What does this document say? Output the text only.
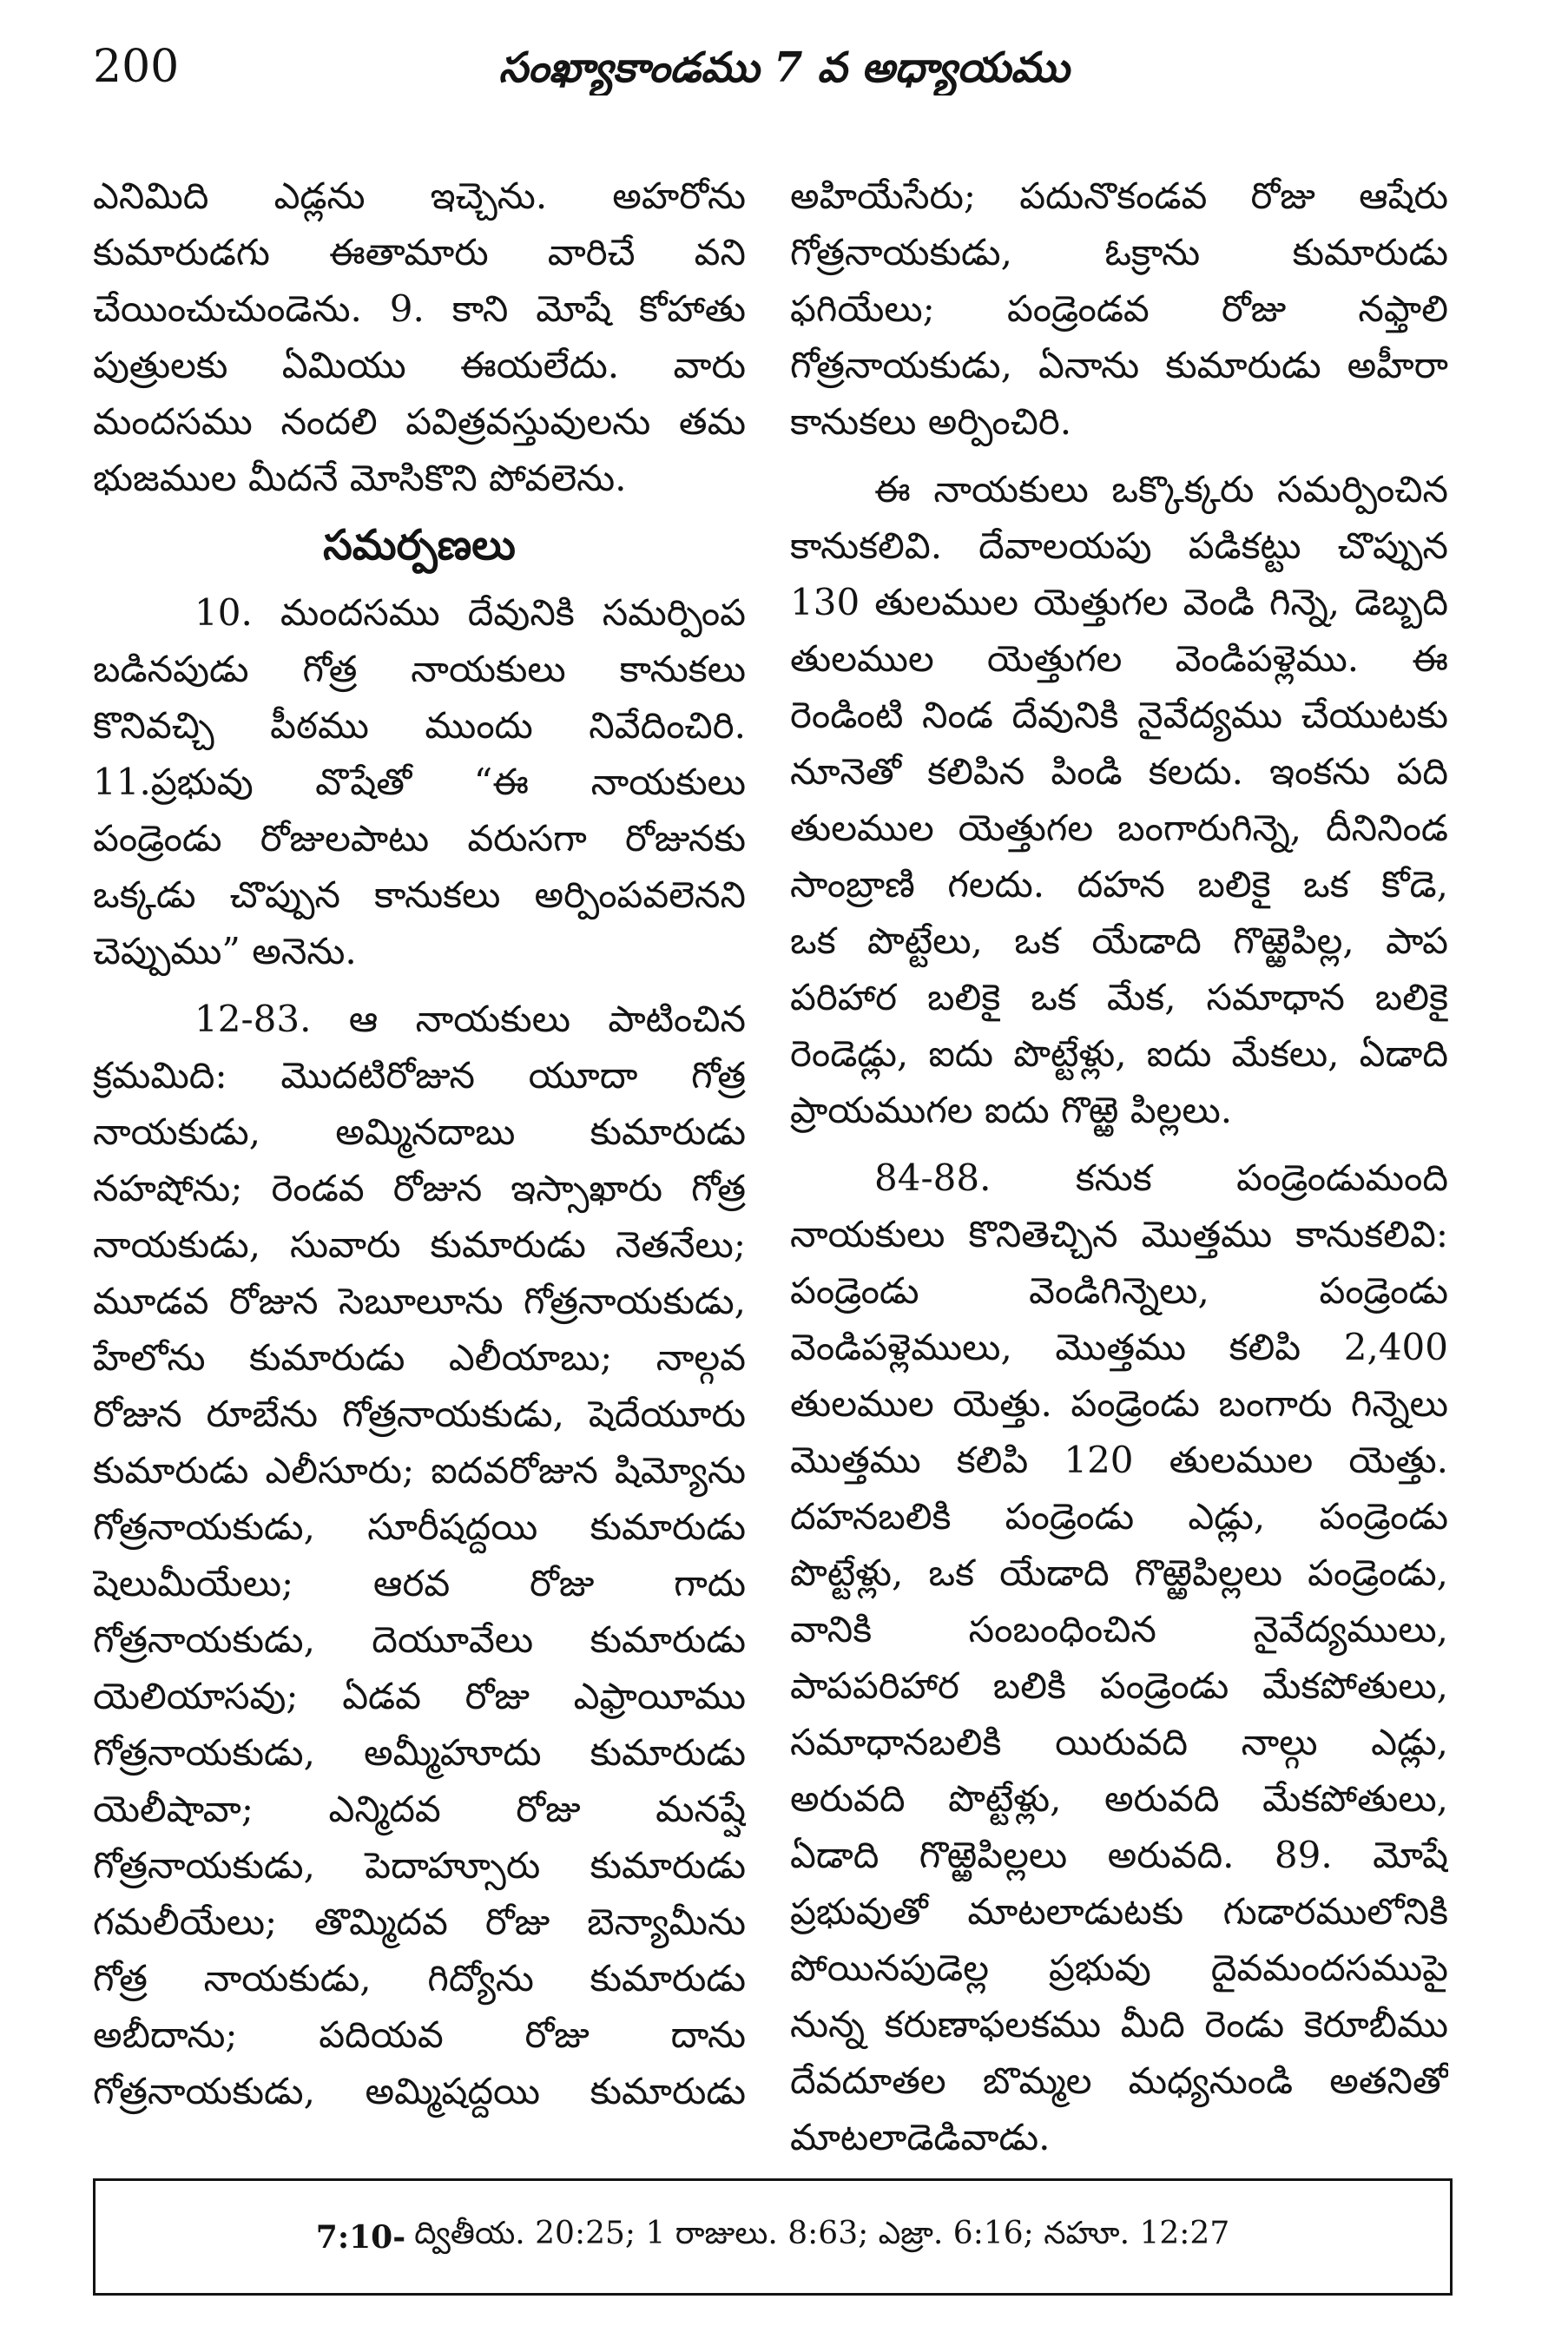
200	సంఖ్యాకాండము 7 వ అధ్యాయము
ఎనిమిది ఎడ్లను ఇచ్చెను. అహరోను
కుమారుడగు ఈతామారు వారిచే వని
చేయించుచుండెను. 9. కాని మోషే కోహాతు
పుత్రులకు ఏమియు ఈయలేదు. వారు
మందసము నందలి పవిత్రవస్తువులను తమ
భుజముల మీదనే మోసికొని పోవలెను.
సమర్పణలు
10. మందసము దేవునికి సమర్పింప
బడినపుడు గోత్ర నాయకులు కానుకలు
కొనివచ్చి పీఠము ముందు నివేదించిరి.
11.ప్రభువు వొషేతో “ఈ నాయకులు
పండ్రెండు రోజులపాటు వరుసగా రోజునకు
ఒక్కడు చొప్పున కానుకలు అర్పింపవలెనని
చెప్పుము” అనెను.
12-83. ఆ నాయకులు పాటించిన
క్రమమిది: మొదటిరోజున యూదా గోత్ర
నాయకుడు, అమ్మినదాబు కుమారుడు
నహషోను; రెండవ రోజున ఇస్సాఖారు గోత్ర
నాయకుడు, సువారు కుమారుడు నెతనేలు;
మూడవ రోజున సెబూలూను గోత్రనాయకుడు,
హేలోను కుమారుడు ఎలీయాబు; నాల్గవ
రోజున రూబేను గోత్రనాయకుడు, షెదేయూరు
కుమారుడు ఎలీసూరు; ఐదవరోజున షిమ్యోను
గోత్రనాయకుడు, సూరీషద్దయి కుమారుడు
షెలుమీయేలు; ఆరవ రోజు గాదు
గోత్రనాయకుడు, దెయూవేలు కుమారుడు
యెలియాసవు; ఏడవ రోజు ఎఫ్రాయీము
గోత్రనాయకుడు, అమ్మీహూదు కుమారుడు
యెలీషావా; ఎన్మిదవ రోజు మనష్షే
గోత్రనాయకుడు, పెదాహ్సూరు కుమారుడు
గమలీయేలు; తొమ్మిదవ రోజు బెన్యామీను
గోత్ర నాయకుడు, గిద్యోను కుమారుడు
అబీదాను; పదియవ రోజు దాను
గోత్రనాయకుడు, అమ్మిషద్దయి కుమారుడు
అహియేసేరు; పదునొకండవ రోజు ఆషేరు
గోత్రనాయకుడు, ఓక్రాను కుమారుడు
ఫగియేలు; పండ్రెండవ రోజు నఫ్తాలి
గోత్రనాయకుడు, ఏనాను కుమారుడు అహీరా
కానుకలు అర్పించిరి.
ఈ నాయకులు ఒక్కొక్కరు సమర్పించిన
కానుకలివి. దేవాలయపు పడికట్టు చొప్పున
130 తులముల యెత్తుగల వెండి గిన్నె, డెబ్బది
తులముల యెత్తుగల వెండిపళ్లెము. ఈ
రెండింటి నిండ దేవునికి నైవేద్యము చేయుటకు
నూనెతో కలిపిన పిండి కలదు. ఇంకను పది
తులముల యెత్తుగల బంగారుగిన్నె, దీనినిండ
సాంబ్రాణి గలదు. దహన బలికై ఒక కోడె,
ఒక పొట్టేలు, ఒక యేడాది గొఱ్ఱెపిల్ల, పాప
పరిహార బలికై ఒక మేక, సమాధాన బలికై
రెండెడ్లు, ఐదు పొట్టేళ్లు, ఐదు మేకలు, ఏడాది
ప్రాయముగల ఐదు గొఱ్ఱె పిల్లలు.
84-88. కనుక పండ్రెండుమంది
నాయకులు కొనితెచ్చిన మొత్తము కానుకలివి:
పండ్రెండు వెండిగిన్నెలు, పండ్రెండు
వెండిపళ్లెములు, మొత్తము కలిపి 2,400
తులముల యెత్తు. పండ్రెండు బంగారు గిన్నెలు
మొత్తము కలిపి 120 తులముల యెత్తు.
దహనబలికి పండ్రెండు ఎడ్లు, పండ్రెండు
పొట్టేళ్లు, ఒక యేడాది గొఱ్ఱెపిల్లలు పండ్రెండు,
వానికి సంబంధించిన నైవేద్యములు,
పాపపరిహార బలికి పండ్రెండు మేకపోతులు,
సమాధానబలికి యిరువది నాల్గు ఎడ్లు,
అరువది పొట్టేళ్లు, అరువది మేకపోతులు,
ఏడాది గొఱ్ఱెపిల్లలు అరువది. 89. మోషే
ప్రభువుతో మాటలాడుటకు గుడారములోనికి
పోయినపుడెల్ల ప్రభువు దైవమందసముపై
నున్న కరుణాఫలకము మీది రెండు కెరూబీము
దేవదూతల బొమ్మల మధ్యనుండి అతనితో
మాటలాడెడివాడు.
7:10- ద్వితీయ. 20:25; 1 రాజులు. 8:63; ఎజ్రా. 6:16; నహూ. 12:27
